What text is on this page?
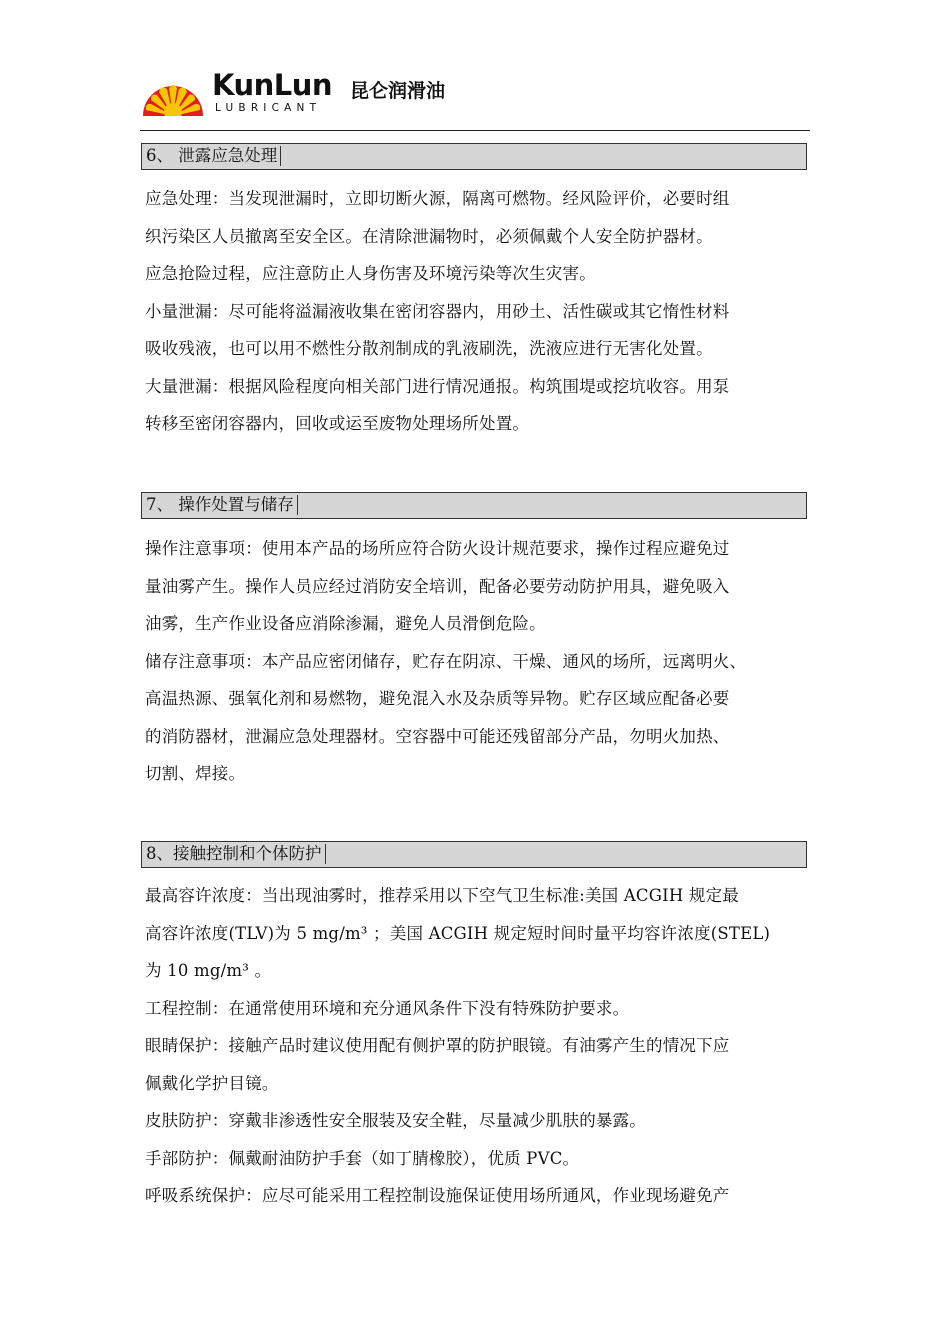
KunLun
LUBRICANT
昆仑润滑油
6、 泄露应急处理

应急处理：当发现泄漏时，立即切断火源，隔离可燃物。经风险评价，必要时组

织污染区人员撤离至安全区。在清除泄漏物时，必须佩戴个人安全防护器材。

应急抢险过程，应注意防止人身伤害及环境污染等次生灾害。

小量泄漏：尽可能将溢漏液收集在密闭容器内，用砂土、活性碳或其它惰性材料

吸收残液，也可以用不燃性分散剂制成的乳液刷洗，洗液应进行无害化处置。

大量泄漏：根据风险程度向相关部门进行情况通报。构筑围堤或挖坑收容。用泵

转移至密闭容器内，回收或运至废物处理场所处置。

7、 操作处置与储存

操作注意事项：使用本产品的场所应符合防火设计规范要求，操作过程应避免过

量油雾产生。操作人员应经过消防安全培训，配备必要劳动防护用具，避免吸入

油雾，生产作业设备应消除渗漏，避免人员滑倒危险。

储存注意事项：本产品应密闭储存，贮存在阴凉、干燥、通风的场所，远离明火、

高温热源、强氧化剂和易燃物，避免混入水及杂质等异物。贮存区域应配备必要

的消防器材，泄漏应急处理器材。空容器中可能还残留部分产品，勿明火加热、

切割、焊接。

8、接触控制和个体防护

最高容许浓度：当出现油雾时，推荐采用以下空气卫生标准:美国 ACGIH 规定最

高容许浓度(TLV)为 5 mg/m³ ；美国 ACGIH 规定短时间时量平均容许浓度(STEL)

为 10 mg/m³ 。

工程控制：在通常使用环境和充分通风条件下没有特殊防护要求。

眼睛保护：接触产品时建议使用配有侧护罩的防护眼镜。有油雾产生的情况下应

佩戴化学护目镜。

皮肤防护：穿戴非渗透性安全服装及安全鞋，尽量减少肌肤的暴露。

手部防护：佩戴耐油防护手套（如丁腈橡胶），优质 PVC。

呼吸系统保护：应尽可能采用工程控制设施保证使用场所通风，作业现场避免产
